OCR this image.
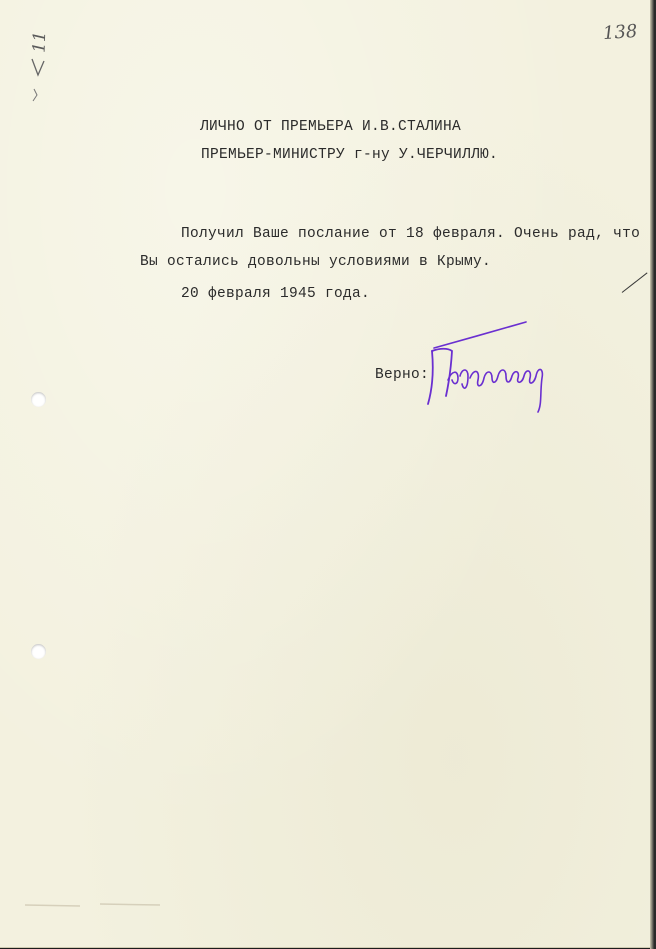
138
11
ЛИЧНО ОТ ПРЕМЬЕРА И.В.СТАЛИНА
ПРЕМЬЕР-МИНИСТРУ г-ну У.ЧЕРЧИЛЛЮ.
Получил Ваше послание от 18 февраля. Очень рад, что
Вы остались довольны условиями в Крыму.
20 февраля 1945 года.
Верно:
